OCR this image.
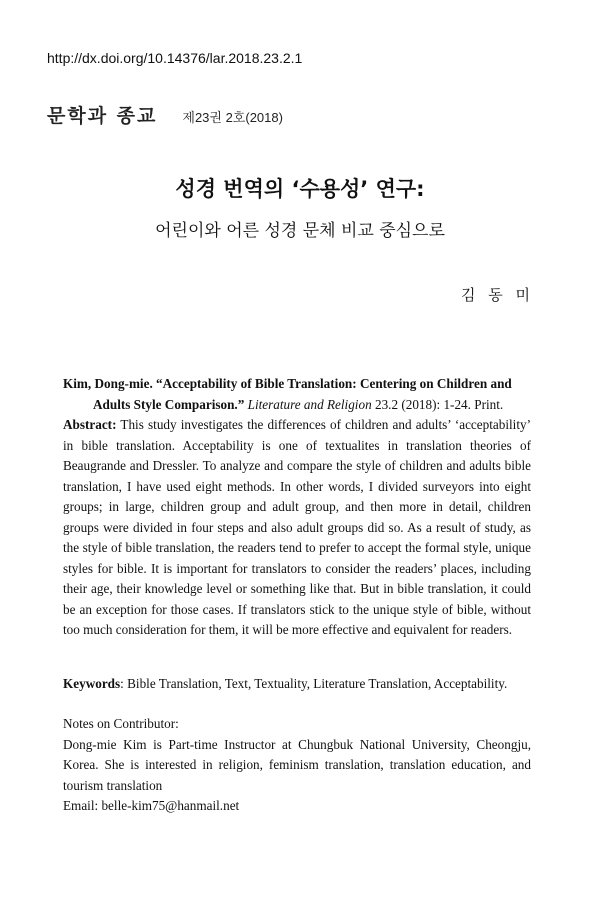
http://dx.doi.org/10.14376/lar.2018.23.2.1
문학과 종교 제23권 2호(2018)
성경 번역의 ‘수용성’ 연구:
어린이와 어른 성경 문체 비교 중심으로
김 동 미
Kim, Dong-mie. “Acceptability of Bible Translation: Centering on Children and
Adults Style Comparison.” Literature and Religion 23.2 (2018): 1-24. Print.
Abstract: This study investigates the differences of children and adults’ ‘acceptability’ in bible translation. Acceptability is one of textualites in translation theories of Beaugrande and Dressler. To analyze and compare the style of children and adults bible translation, I have used eight methods. In other words, I divided surveyors into eight groups; in large, children group and adult group, and then more in detail, children groups were divided in four steps and also adult groups did so. As a result of study, as the style of bible translation, the readers tend to prefer to accept the formal style, unique styles for bible. It is important for translators to consider the readers’ places, including their age, their knowledge level or something like that. But in bible translation, it could be an exception for those cases. If translators stick to the unique style of bible, without too much consideration for them, it will be more effective and equivalent for readers.
Keywords: Bible Translation, Text, Textuality, Literature Translation, Acceptability.
Notes on Contributor:
Dong-mie Kim is Part-time Instructor at Chungbuk National University, Cheongju, Korea. She is interested in religion, feminism translation, translation education, and tourism translation
Email: belle-kim75@hanmail.net
